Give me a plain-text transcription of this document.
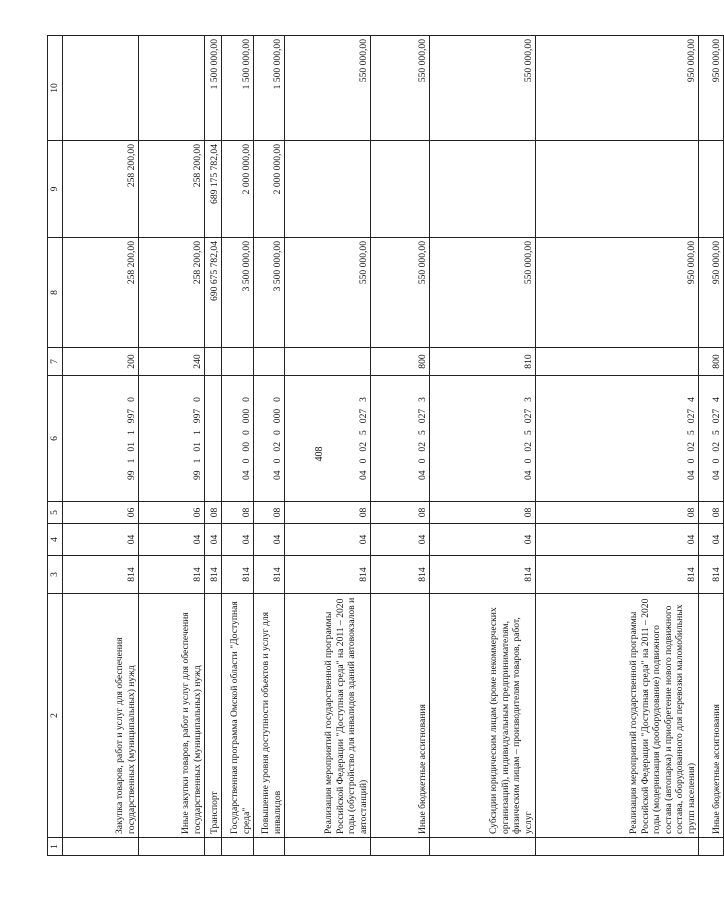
408
1	2	3	4	5	6	7	8	9	10
	Закупка товаров, работ и услуг для обеспечения государственных (муниципальных) нужд	814	04	06	9910119970	200	258 200,00	258 200,00	
	Иные закупки товаров, работ и услуг для обеспечения государственных (муниципальных) нужд	814	04	06	9910119970	240	258 200,00	258 200,00	
	Транспорт	814	04	08			690 675 782,04	689 175 782,04	1 500 000,00
	Государственная программа Омской области "Доступная среда"	814	04	08	0400000000		3 500 000,00	2 000 000,00	1 500 000,00
	Повышение уровня доступности объектов и услуг для инвалидов	814	04	08	0400200000		3 500 000,00	2 000 000,00	1 500 000,00
	Реализация мероприятий государственной программы Российской Федерации "Доступная среда" на 2011 – 2020 годы (обустройство для инвалидов зданий автовокзалов и автостанций)	814	04	08	0400250273		550 000,00		550 000,00
	Иные бюджетные ассигнования	814	04	08	0400250273	800	550 000,00		550 000,00
	Субсидии юридическим лицам (кроме некоммерческих организаций), индивидуальным предпринимателям, физическим лицам – производителям товаров, работ, услуг	814	04	08	0400250273	810	550 000,00		550 000,00
	Реализация мероприятий государственной программы Российской Федерации "Доступная среда" на 2011 – 2020 годы (модернизация (дооборудование) подвижного состава (автопарка) и приобретение нового подвижного состава, оборудованного для перевозки маломобильных групп населения)	814	04	08	0400250274		950 000,00		950 000,00
	Иные бюджетные ассигнования	814	04	08	0400250274	800	950 000,00		950 000,00
